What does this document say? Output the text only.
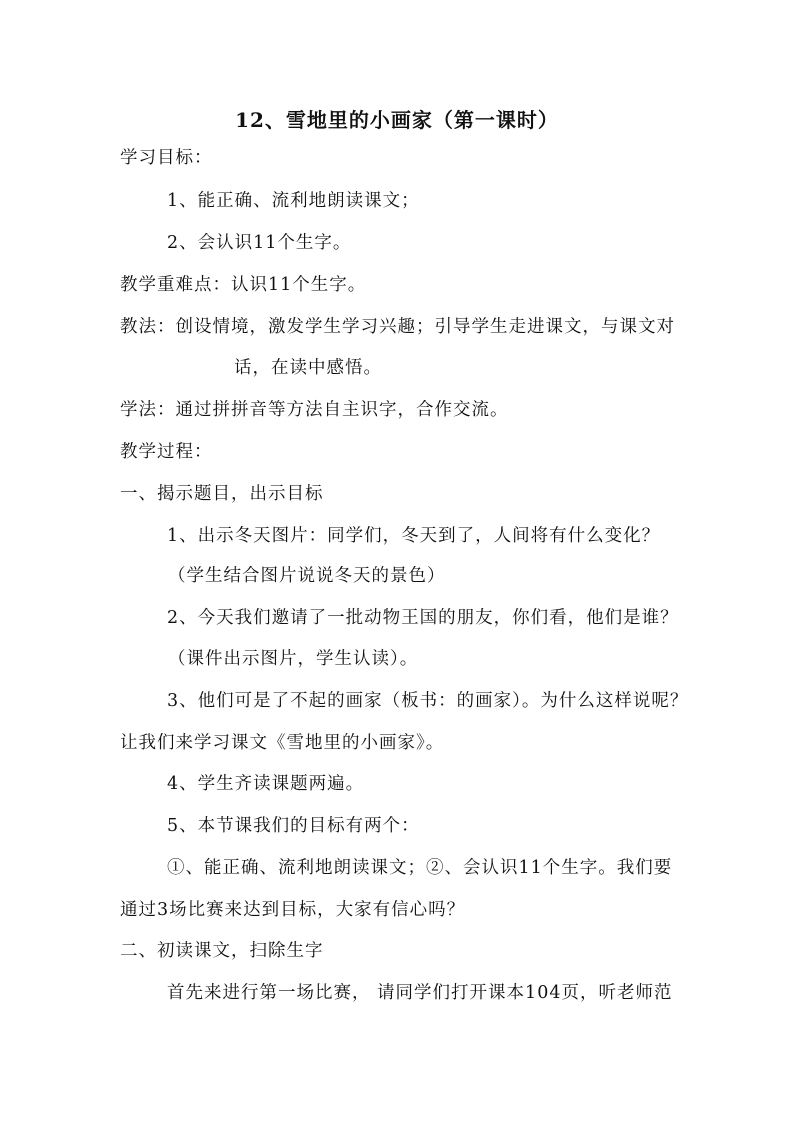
12、雪地里的小画家（第一课时）
学习目标：
1、能正确、流利地朗读课文；
2、会认识11个生字。
教学重难点：认识11个生字。
教法：创设情境，激发学生学习兴趣；引导学生走进课文，与课文对
话，在读中感悟。
学法：通过拼拼音等方法自主识字，合作交流。
教学过程：
一、揭示题目，出示目标
1、出示冬天图片：同学们，冬天到了，人间将有什么变化？
（学生结合图片说说冬天的景色）
2、今天我们邀请了一批动物王国的朋友，你们看，他们是谁？
（课件出示图片，学生认读）。
3、他们可是了不起的画家（板书：的画家）。为什么这样说呢？
让我们来学习课文《雪地里的小画家》。
4、学生齐读课题两遍。
5、本节课我们的目标有两个：
①、能正确、流利地朗读课文；②、会认识11个生字。我们要
通过3场比赛来达到目标，大家有信心吗？
二、初读课文，扫除生字
首先来进行第一场比赛， 请同学们打开课本104页，听老师范
